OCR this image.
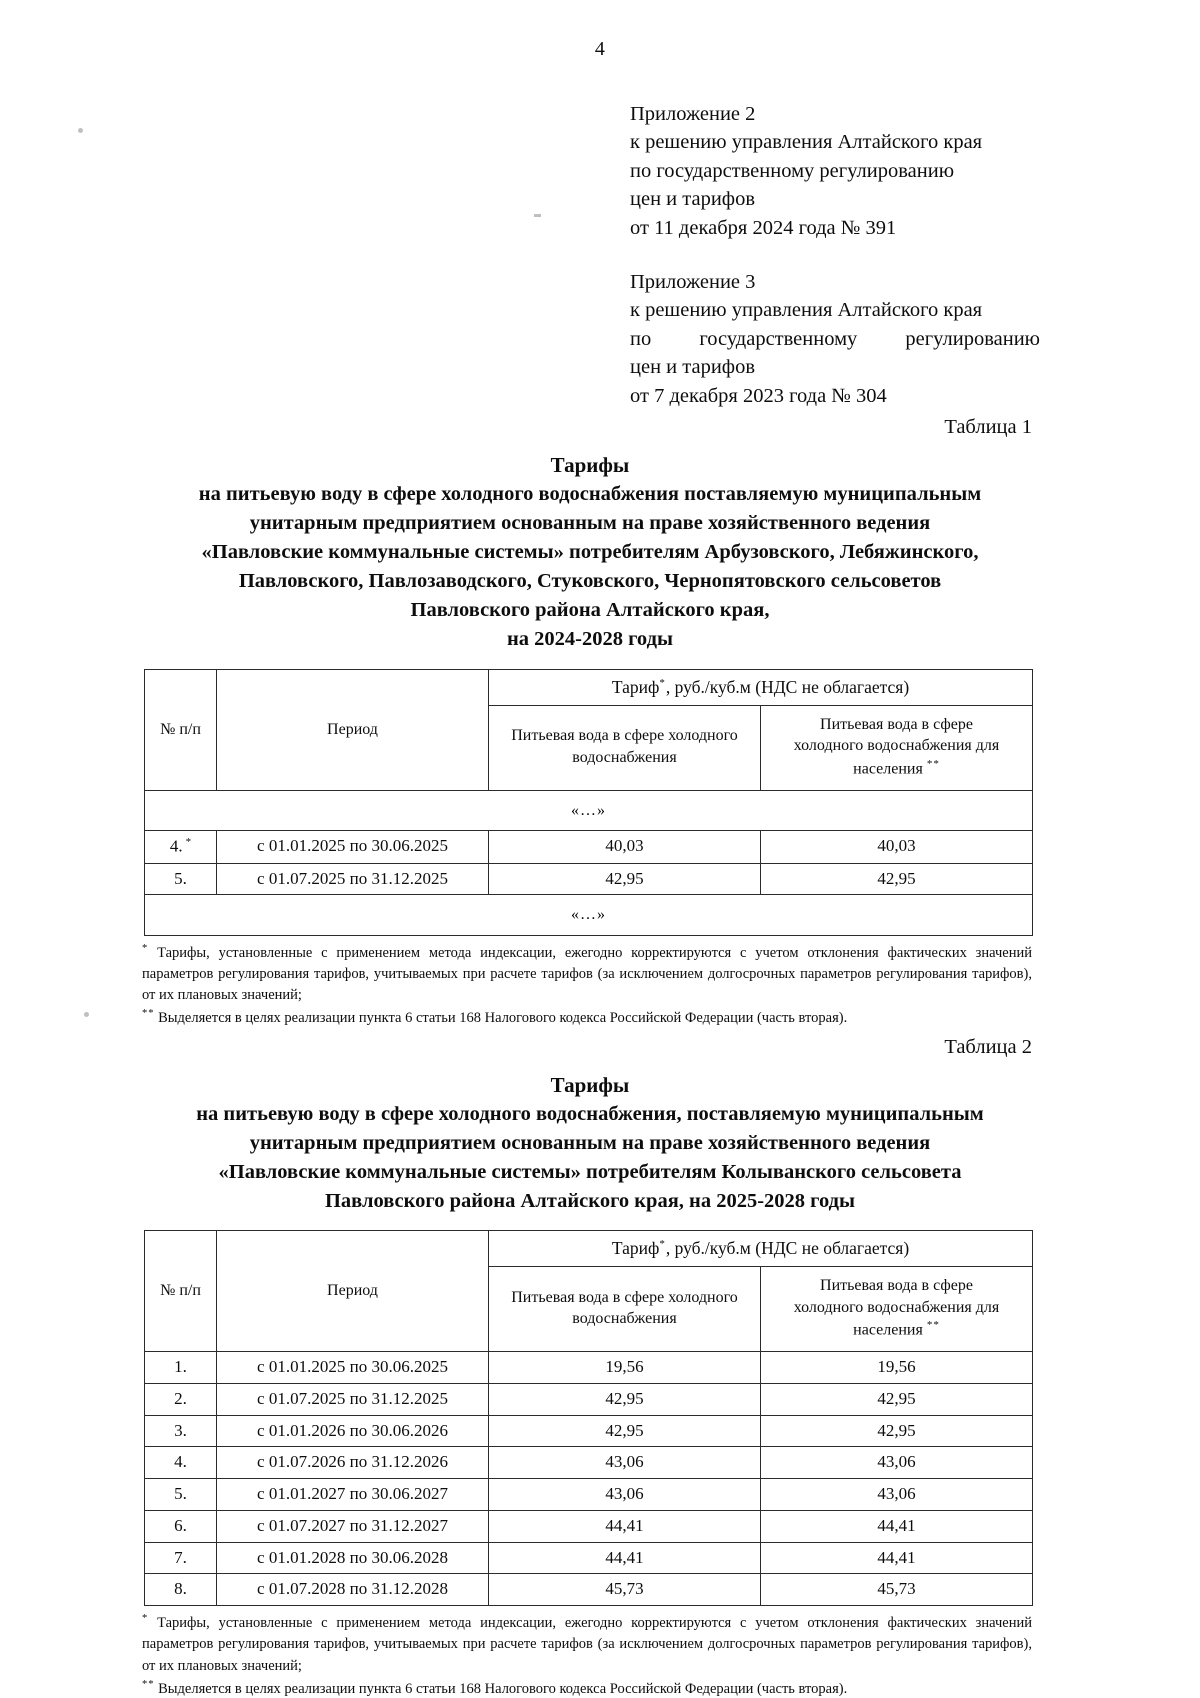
4
Приложение 2
к решению управления Алтайского края
по государственному регулированию
цен и тарифов
от 11 декабря 2024 года № 391
Приложение 3
к решению управления Алтайского края
по   государственному   регулированию
цен и тарифов
от 7 декабря 2023 года № 304
Таблица 1
Тарифы
на питьевую воду в сфере холодного водоснабжения поставляемую муниципальным
унитарным предприятием основанным на праве хозяйственного ведения
«Павловские коммунальные системы» потребителям Арбузовского, Лебяжинского,
Павловского, Павлозаводского, Стуковского, Чернопятовского сельсоветов
Павловского района Алтайского края,
на 2024-2028 годы
№ п/п	Период	Тариф*, руб./куб.м (НДС не облагается)	
		Питьевая вода в сфере холодного водоснабжения	Питьевая вода в сфере
холодного водоснабжения для
населения **
«…»			
4. *	с 01.01.2025 по 30.06.2025	40,03	40,03
5.	с 01.07.2025 по 31.12.2025	42,95	42,95
«…»			

* Тарифы, установленные с применением метода индексации, ежегодно корректируются с учетом отклонения фактических значений параметров регулирования тарифов, учитываемых при расчете тарифов (за исключением долгосрочных параметров регулирования тарифов), от их плановых значений;

** Выделяется в целях реализации пункта 6 статьи 168 Налогового кодекса Российской Федерации (часть вторая).

Таблица 2
Тарифы
на питьевую воду в сфере холодного водоснабжения, поставляемую муниципальным
унитарным предприятием основанным на праве хозяйственного ведения
«Павловские коммунальные системы» потребителям Колыванского сельсовета
Павловского района Алтайского края, на 2025-2028 годы
№ п/п	Период	Тариф*, руб./куб.м (НДС не облагается)	
		Питьевая вода в сфере холодного водоснабжения	Питьевая вода в сфере
холодного водоснабжения для
населения **
1.	с 01.01.2025 по 30.06.2025	19,56	19,56
2.	с 01.07.2025 по 31.12.2025	42,95	42,95
3.	с 01.01.2026 по 30.06.2026	42,95	42,95
4.	с 01.07.2026 по 31.12.2026	43,06	43,06
5.	с 01.01.2027 по 30.06.2027	43,06	43,06
6.	с 01.07.2027 по 31.12.2027	44,41	44,41
7.	с 01.01.2028 по 30.06.2028	44,41	44,41
8.	с 01.07.2028 по 31.12.2028	45,73	45,73

* Тарифы, установленные с применением метода индексации, ежегодно корректируются с учетом отклонения фактических значений параметров регулирования тарифов, учитываемых при расчете тарифов (за исключением долгосрочных параметров регулирования тарифов), от их плановых значений;

** Выделяется в целях реализации пункта 6 статьи 168 Налогового кодекса Российской Федерации (часть вторая).
